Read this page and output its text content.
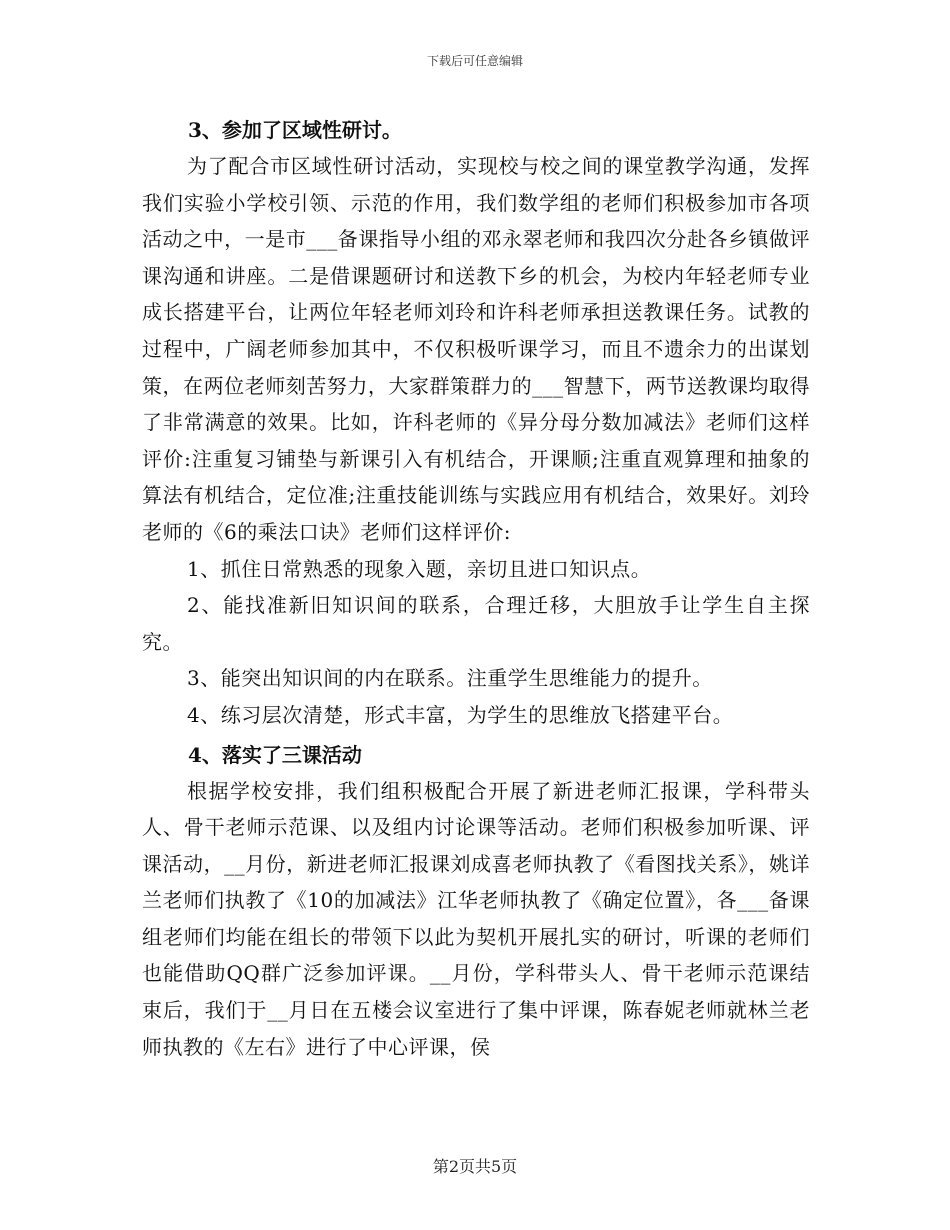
下载后可任意编辑
3、参加了区域性研讨。

为了配合市区域性研讨活动，实现校与校之间的课堂教学沟通，发挥我们实验小学校引领、示范的作用，我们数学组的老师们积极参加市各项活动之中，一是市___备课指导小组的邓永翠老师和我四次分赴各乡镇做评课沟通和讲座。二是借课题研讨和送教下乡的机会，为校内年轻老师专业成长搭建平台，让两位年轻老师刘玲和许科老师承担送教课任务。试教的过程中，广阔老师参加其中，不仅积极听课学习，而且不遗余力的出谋划策，在两位老师刻苦努力，大家群策群力的___智慧下，两节送教课均取得了非常满意的效果。比如，许科老师的《异分母分数加减法》老师们这样评价:注重复习铺垫与新课引入有机结合，开课顺;注重直观算理和抽象的算法有机结合，定位准;注重技能训练与实践应用有机结合，效果好。刘玲老师的《6的乘法口诀》老师们这样评价:

1、抓住日常熟悉的现象入题，亲切且进口知识点。

2、能找准新旧知识间的联系，合理迁移，大胆放手让学生自主探究。

3、能突出知识间的内在联系。注重学生思维能力的提升。

4、练习层次清楚，形式丰富，为学生的思维放飞搭建平台。

4、落实了三课活动

根据学校安排，我们组积极配合开展了新进老师汇报课，学科带头人、骨干老师示范课、以及组内讨论课等活动。老师们积极参加听课、评课活动，__月份，新进老师汇报课刘成喜老师执教了《看图找关系》，姚详兰老师们执教了《10的加减法》江华老师执教了《确定位置》，各___备课组老师们均能在组长的带领下以此为契机开展扎实的研讨，听课的老师们也能借助QQ群广泛参加评课。__月份，学科带头人、骨干老师示范课结束后，我们于__月日在五楼会议室进行了集中评课，陈春妮老师就林兰老师执教的《左右》进行了中心评课，侯

第2页共5页
